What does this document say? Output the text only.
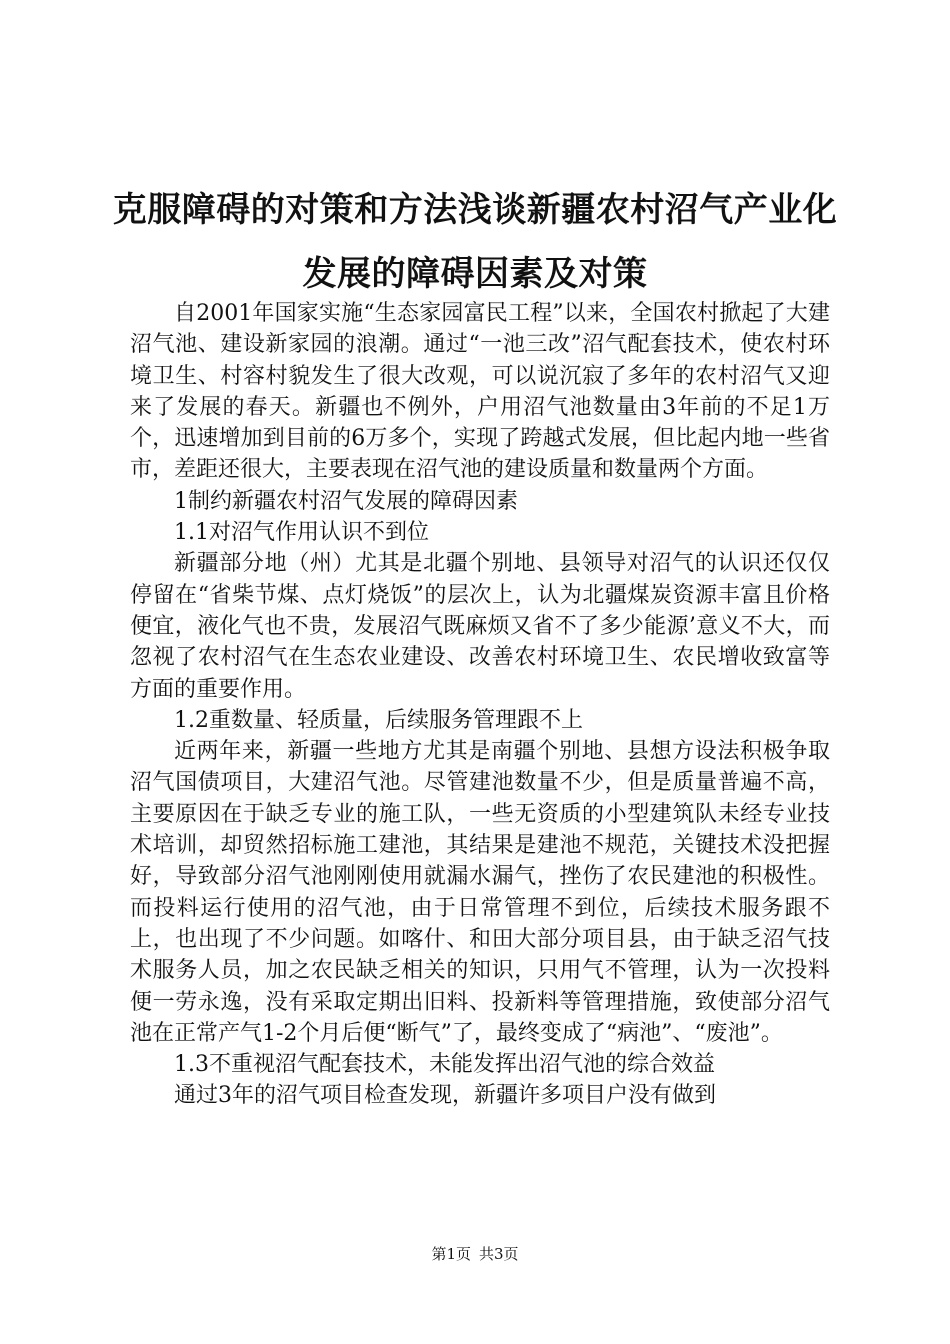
克服障碍的对策和方法浅谈新疆农村沼气产业化发展的障碍因素及对策

自2001年国家实施“生态家园富民工程”以来，全国农村掀起了大建沼气池、建设新家园的浪潮。通过“一池三改”沼气配套技术，使农村环境卫生、村容村貌发生了很大改观，可以说沉寂了多年的农村沼气又迎来了发展的春天。新疆也不例外，户用沼气池数量由3年前的不足1万个，迅速增加到目前的6万多个，实现了跨越式发展，但比起内地一些省市，差距还很大，主要表现在沼气池的建设质量和数量两个方面。

1制约新疆农村沼气发展的障碍因素

1.1对沼气作用认识不到位

新疆部分地（州）尤其是北疆个别地、县领导对沼气的认识还仅仅停留在“省柴节煤、点灯烧饭”的层次上，认为北疆煤炭资源丰富且价格便宜，液化气也不贵，发展沼气既麻烦又省不了多少能源’意义不大，而忽视了农村沼气在生态农业建设、改善农村环境卫生、农民增收致富等方面的重要作用。

1.2重数量、轻质量，后续服务管理跟不上

近两年来，新疆一些地方尤其是南疆个别地、县想方设法积极争取沼气国债项目，大建沼气池。尽管建池数量不少，但是质量普遍不高，主要原因在于缺乏专业的施工队，一些无资质的小型建筑队未经专业技术培训，却贸然招标施工建池，其结果是建池不规范，关键技术没把握好，导致部分沼气池刚刚使用就漏水漏气，挫伤了农民建池的积极性。而投料运行使用的沼气池，由于日常管理不到位，后续技术服务跟不上，也出现了不少问题。如喀什、和田大部分项目县，由于缺乏沼气技术服务人员，加之农民缺乏相关的知识，只用气不管理，认为一次投料便一劳永逸，没有采取定期出旧料、投新料等管理措施，致使部分沼气池在正常产气1-2个月后便“断气”了，最终变成了“病池”、“废池”。

1.3不重视沼气配套技术，未能发挥出沼气池的综合效益

通过3年的沼气项目检查发现，新疆许多项目户没有做到

第1页 共3页
